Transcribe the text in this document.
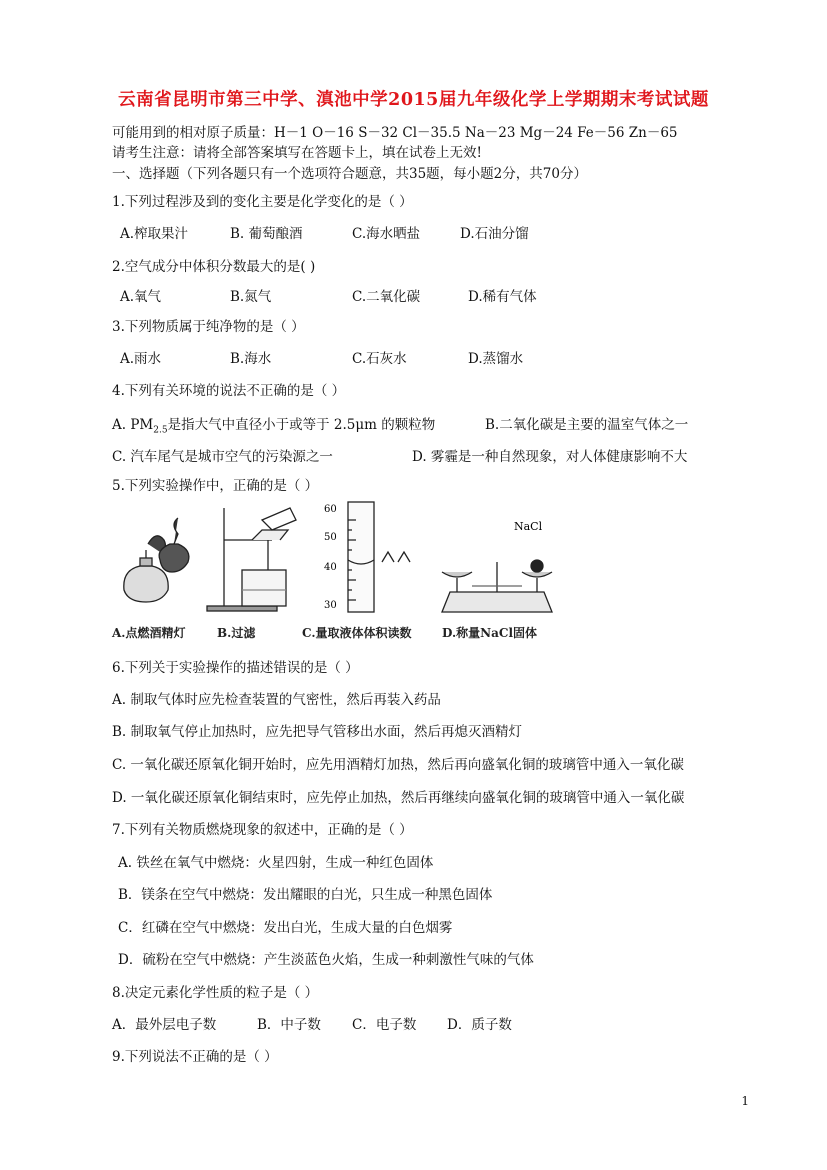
云南省昆明市第三中学、滇池中学2015届九年级化学上学期期末考试试题
可能用到的相对原子质量：H－1 O－16 S－32 Cl－35.5 Na－23 Mg－24 Fe－56 Zn－65
请考生注意：请将全部答案填写在答题卡上，填在试卷上无效!
一、选择题（下列各题只有一个选项符合题意，共35题，每小题2分，共70分）
1.下列过程涉及到的变化主要是化学变化的是（ ）
A.榨取果汁	B. 葡萄酿酒	C.海水晒盐	D.石油分馏
2.空气成分中体积分数最大的是( )
A.氧气	B.氮气	C.二氧化碳	D.稀有气体
3.下列物质属于纯净物的是（ ）
A.雨水	B.海水	C.石灰水	D.蒸馏水
4.下列有关环境的说法不正确的是（ ）
A. $PM_{2.5}$是指大气中直径小于或等于 2.5μm 的颗粒物	B.二氧化碳是主要的温室气体之一
C. 汽车尾气是城市空气的污染源之一	D. 雾霾是一种自然现象，对人体健康影响不大
5.下列实验操作中，正确的是（ ）
NaCl
60
50
40
30
A.点燃酒精灯	B.过滤	C.量取液体体积读数	D.称量NaCl固体
6.下列关于实验操作的描述错误的是（ ）
A. 制取气体时应先检查装置的气密性，然后再装入药品
B. 制取氧气停止加热时，应先把导气管移出水面，然后再熄灭酒精灯
C. 一氧化碳还原氧化铜开始时，应先用酒精灯加热，然后再向盛氧化铜的玻璃管中通入一氧化碳
D. 一氧化碳还原氧化铜结束时，应先停止加热，然后再继续向盛氧化铜的玻璃管中通入一氧化碳
7.下列有关物质燃烧现象的叙述中，正确的是（ ）
A. 铁丝在氧气中燃烧：火星四射，生成一种红色固体
B．镁条在空气中燃烧：发出耀眼的白光，只生成一种黑色固体
C．红磷在空气中燃烧：发出白光，生成大量的白色烟雾
D．硫粉在空气中燃烧：产生淡蓝色火焰，生成一种刺激性气味的气体
8.决定元素化学性质的粒子是（ ）
A．最外层电子数	B．中子数 C．电子数 D．质子数
9.下列说法不正确的是（ ）
1
